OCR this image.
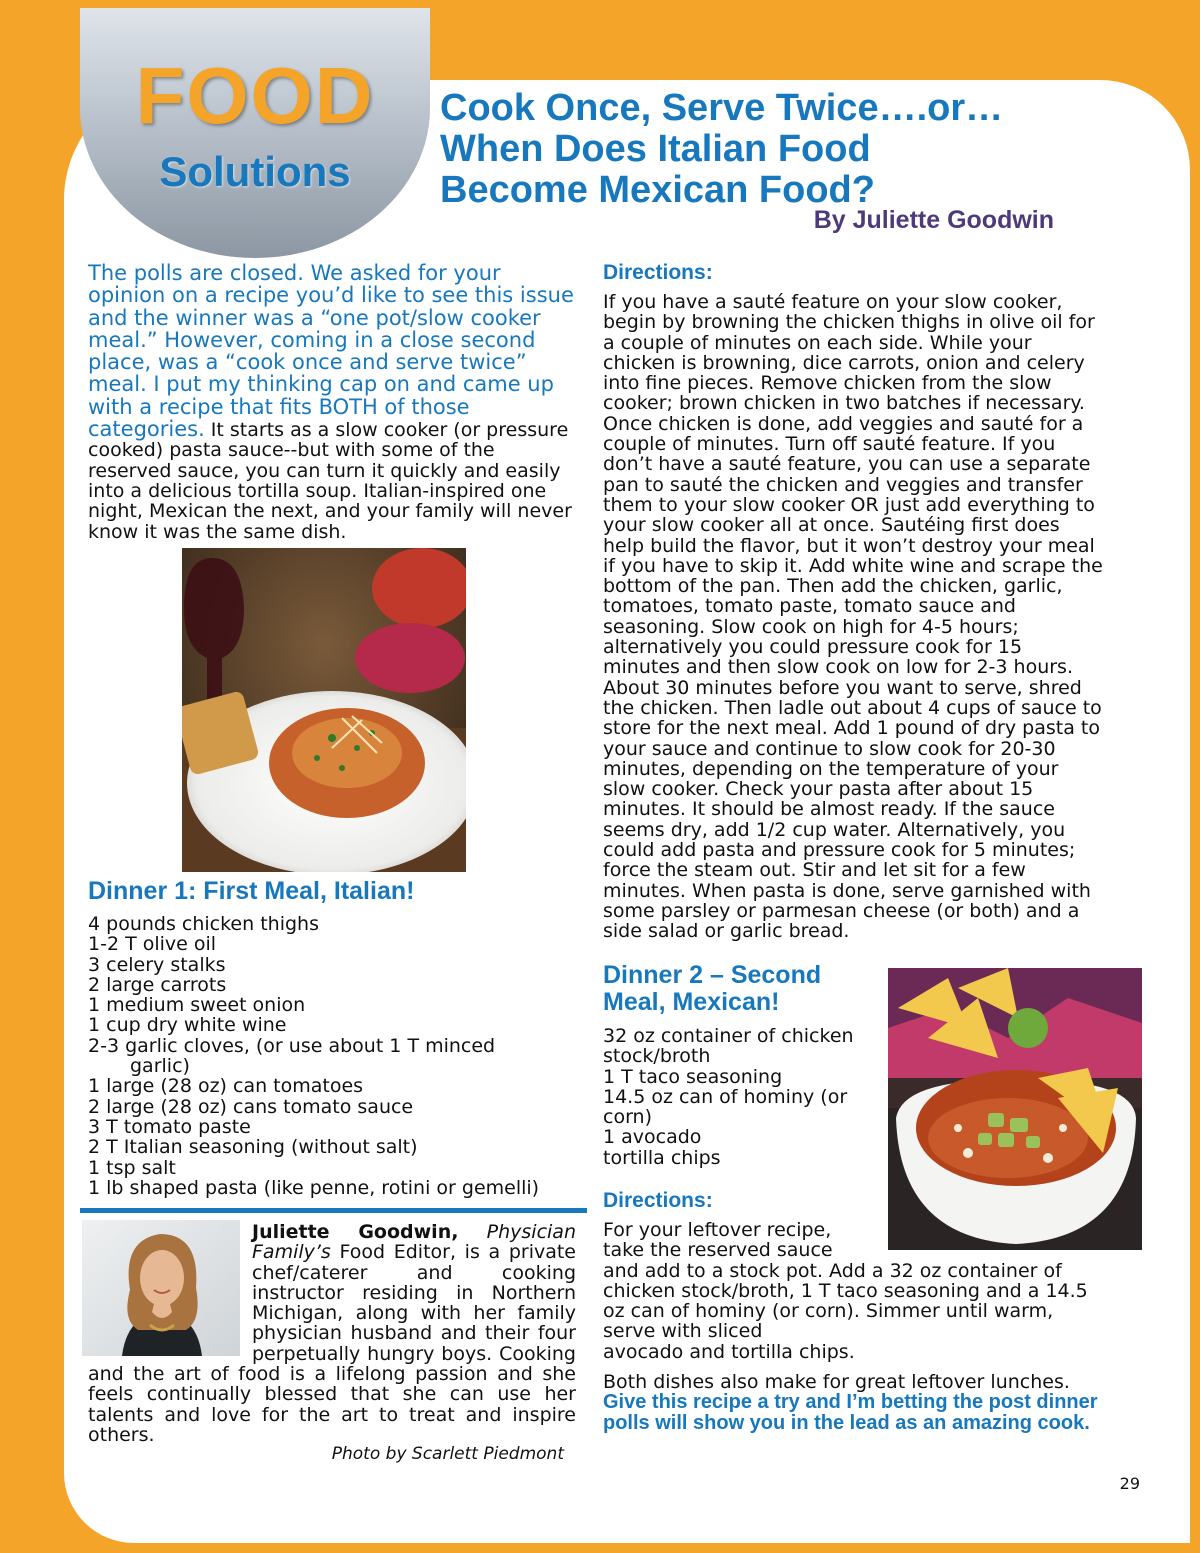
FOOD
Solutions
Cook Once, Serve Twice….or…
When Does Italian Food
Become Mexican Food?
By Juliette Goodwin

The polls are closed. We asked for your opinion on a recipe you’d like to see this issue and the winner was a “one pot/slow cooker meal.” However, coming in a close second place, was a “cook once and serve twice” meal. I put my thinking cap on and came up with a recipe that fits BOTH of those categories. It starts as a slow cooker (or pressure cooked) pasta sauce--but with some of the reserved sauce, you can turn it quickly and easily into a delicious tortilla soup. Italian-inspired one night, Mexican the next, and your family will never know it was the same dish.

Dinner 1: First Meal, Italian!
4 pounds chicken thighs
1-2 T olive oil
3 celery stalks
2 large carrots
1 medium sweet onion
1 cup dry white wine
2-3 garlic cloves, (or use about 1 T minced
garlic)
1 large (28 oz) can tomatoes
2 large (28 oz) cans tomato sauce
3 T tomato paste
2 T Italian seasoning (without salt)
1 tsp salt
1 lb shaped pasta (like penne, rotini or gemelli)

Juliette Goodwin, Physician Family’s Food Editor, is a private chef/caterer and cooking instructor residing in Northern Michigan, along with her family physician husband and their four perpetually hungry boys. Cooking and the art of food is a lifelong passion and she feels continually blessed that she can use her talents and love for the art to treat and inspire others.

Photo by Scarlett Piedmont
Directions:

If you have a sauté feature on your slow cooker, begin by browning the chicken thighs in olive oil for a couple of minutes on each side. While your chicken is browning, dice carrots, onion and celery into fine pieces. Remove chicken from the slow cooker; brown chicken in two batches if necessary. Once chicken is done, add veggies and sauté for a couple of minutes. Turn off sauté feature. If you don’t have a sauté feature, you can use a separate pan to sauté the chicken and veggies and transfer them to your slow cooker OR just add everything to your slow cooker all at once. Sautéing first does help build the flavor, but it won’t destroy your meal if you have to skip it. Add white wine and scrape the bottom of the pan. Then add the chicken, garlic, tomatoes, tomato paste, tomato sauce and seasoning. Slow cook on high for 4-5 hours; alternatively you could pressure cook for 15 minutes and then slow cook on low for 2-3 hours. About 30 minutes before you want to serve, shred the chicken. Then ladle out about 4 cups of sauce to store for the next meal. Add 1 pound of dry pasta to your sauce and continue to slow cook for 20-30 minutes, depending on the temperature of your slow cooker. Check your pasta after about 15 minutes. It should be almost ready. If the sauce seems dry, add 1/2 cup water. Alternatively, you could add pasta and pressure cook for 5 minutes; force the steam out. Stir and let sit for a few minutes. When pasta is done, serve garnished with some parsley or parmesan cheese (or both) and a side salad or garlic bread.

Dinner 2 – Second
Meal, Mexican!
32 oz container of chicken stock/broth
1 T taco seasoning
14.5 oz can of hominy (or corn)
1 avocado
tortilla chips
Directions:

For your leftover recipe, take the reserved sauce and add to a stock pot. Add a 32 oz container of chicken stock/broth, 1 T taco seasoning and a 14.5 oz can of hominy (or corn). Simmer until warm, serve with sliced
avocado and tortilla chips.

Both dishes also make for great leftover lunches. Give this recipe a try and I’m betting the post dinner polls will show you in the lead as an amazing cook.

29
